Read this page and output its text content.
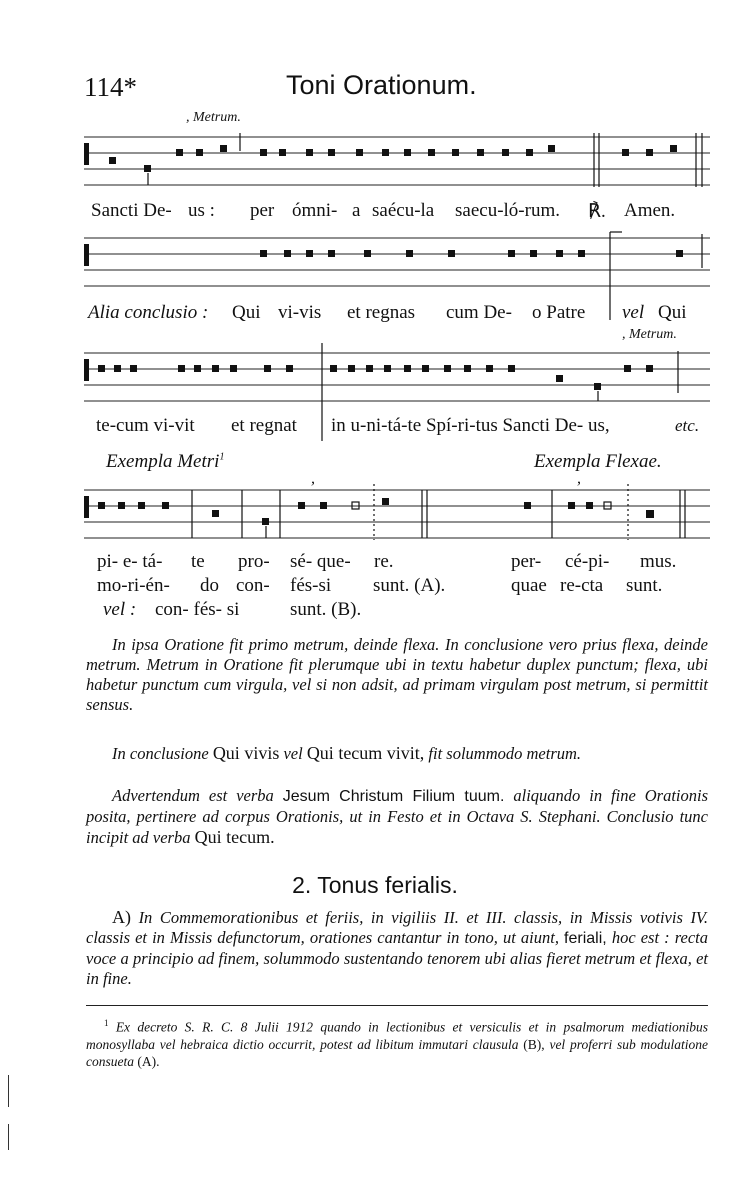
114*	Toni Orationum.
, Metrum.
Sancti De- us : per ómni- a saécu-la saecu-ló-rum. ℟. Amen.
Alia conclusio : Qui vi-vis et regnas cum De- o Patre vel Qui
, Metrum.
te-cum vi-vit et regnat in u-ni-tá-te Spí-ri-tus Sancti De- us,	etc.
Exempla Metri$^1$	Exempla Flexae.
,	,
pi- e- tá- te pro- sé- que- re.	per- cé-pi- mus.
mo-ri-én- do con- fés-si sunt. (A).	quae re-cta sunt.
vel : con- fés- si	sunt. (B).
In ipsa Oratione fit primo metrum, deinde flexa. In conclusione vero prius flexa, deinde metrum. Metrum in Oratione fit plerumque ubi in textu habetur duplex punctum; flexa, ubi habetur punctum cum virgula, vel si non adsit, ad primam virgulam post metrum, si permittit sensus.
In conclusione Qui vivis vel Qui tecum vivit, fit solummodo metrum.
Advertendum est verba Jesum Christum Filium tuum. aliquando in fine Orationis posita, pertinere ad corpus Orationis, ut in Festo et in Octava S. Stephani. Conclusio tunc incipit ad verba Qui tecum.
2. Tonus ferialis.
A) In Commemorationibus et feriis, in vigiliis II. et III. classis, in Missis votivis IV. classis et in Missis defunctorum, orationes cantantur in tono, ut aiunt, feriali, hoc est : recta voce a principio ad finem, solummodo sustentando tenorem ubi alias fieret metrum et flexa, et in fine.
$^1$ Ex decreto S. R. C. 8 Julii 1912 quando in lectionibus et versiculis et in psalmorum mediationibus monosyllaba vel hebraica dictio occurrit, potest ad libitum immutari clausula (B), vel proferri sub modulatione consueta (A).
